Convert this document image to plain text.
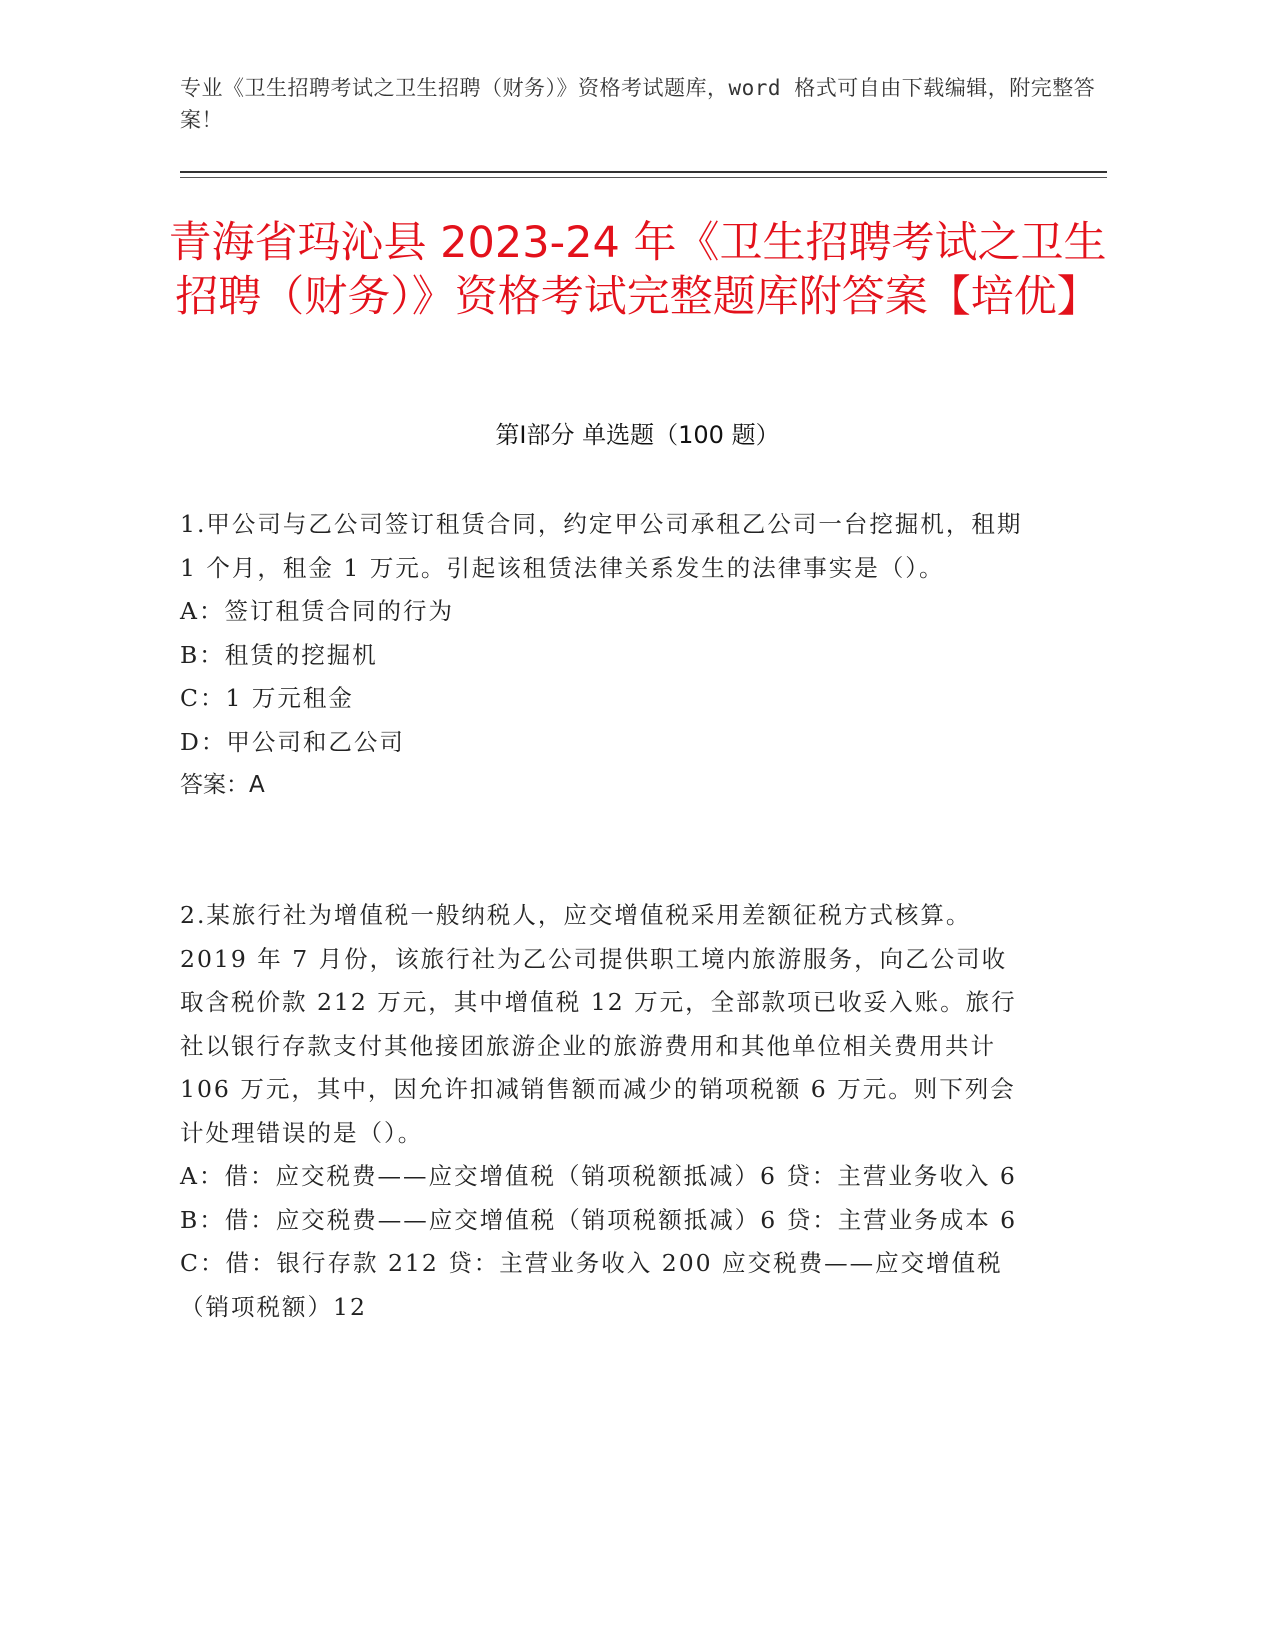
专业《卫生招聘考试之卫生招聘（财务）》资格考试题库，word 格式可自由下载编辑，附完整答案！
青海省玛沁县 2023-24 年《卫生招聘考试之卫生招聘（财务）》资格考试完整题库附答案【培优】
第Ⅰ部分 单选题（100 题）

1.甲公司与乙公司签订租赁合同，约定甲公司承租乙公司一台挖掘机，租期 1 个月，租金 1 万元。引起该租赁法律关系发生的法律事实是（）。

A：签订租赁合同的行为

B：租赁的挖掘机

C：1 万元租金

D：甲公司和乙公司

答案：A

2.某旅行社为增值税一般纳税人，应交增值税采用差额征税方式核算。2019 年 7 月份，该旅行社为乙公司提供职工境内旅游服务，向乙公司收取含税价款 212 万元，其中增值税 12 万元，全部款项已收妥入账。旅行社以银行存款支付其他接团旅游企业的旅游费用和其他单位相关费用共计 106 万元，其中，因允许扣减销售额而减少的销项税额 6 万元。则下列会计处理错误的是（）。

A：借：应交税费——应交增值税（销项税额抵减）6 贷：主营业务收入 6

B：借：应交税费——应交增值税（销项税额抵减）6 贷：主营业务成本 6

C：借：银行存款 212 贷：主营业务收入 200 应交税费——应交增值税（销项税额）12
